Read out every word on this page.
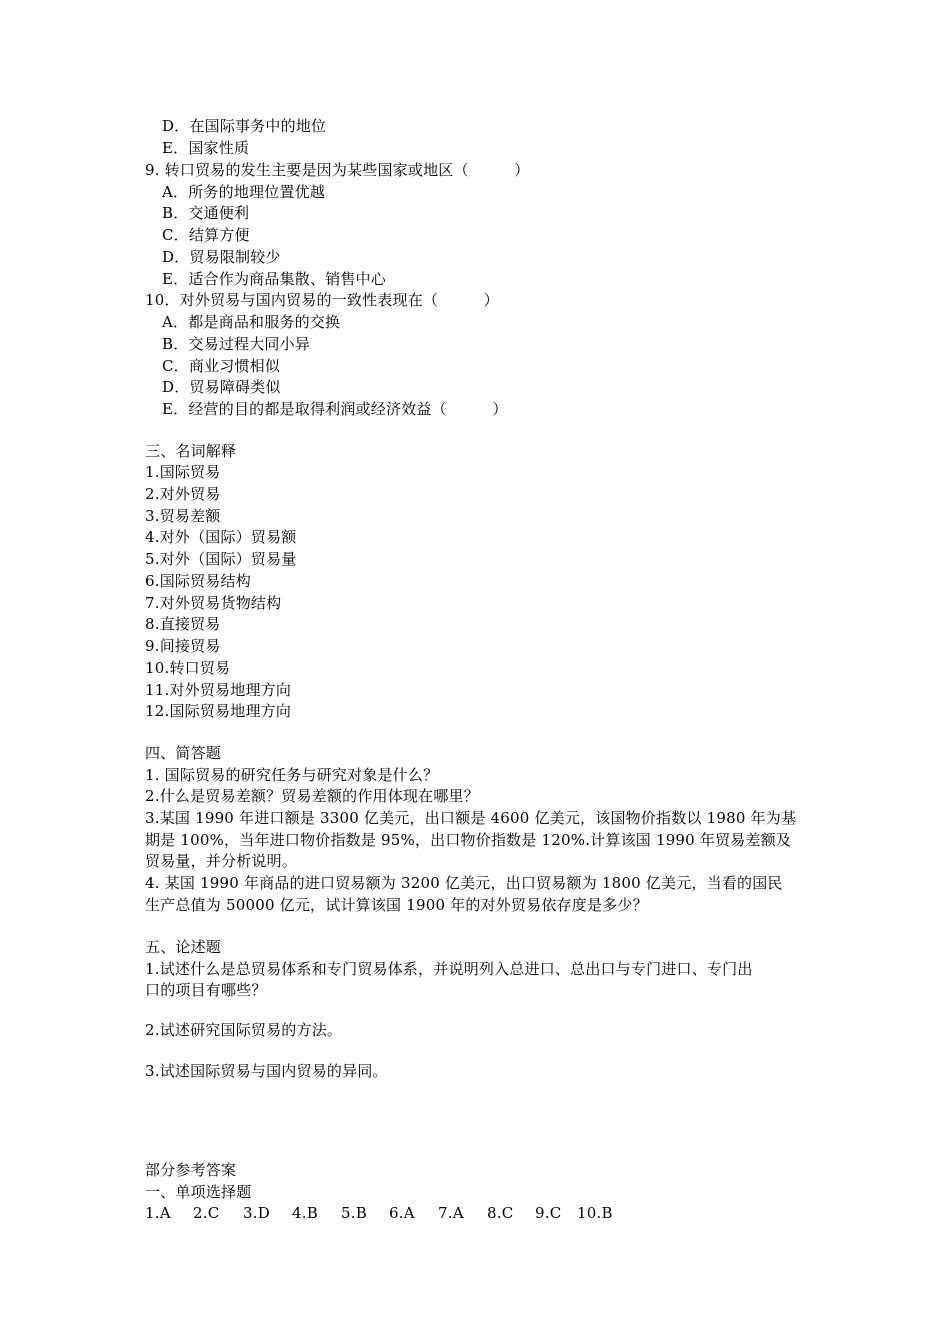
D．在国际事务中的地位
E．国家性质
9. 转口贸易的发生主要是因为某些国家或地区（　　　）
A．所务的地理位置优越
B．交通便利
C．结算方便
D．贸易限制较少
E．适合作为商品集散、销售中心
10．对外贸易与国内贸易的一致性表现在（　　　）
A．都是商品和服务的交换
B．交易过程大同小异
C．商业习惯相似
D．贸易障碍类似
E．经营的目的都是取得利润或经济效益（　　　）
三、名词解释
1.国际贸易
2.对外贸易
3.贸易差额
4.对外（国际）贸易额
5.对外（国际）贸易量
6.国际贸易结构
7.对外贸易货物结构
8.直接贸易
9.间接贸易
10.转口贸易
11.对外贸易地理方向
12.国际贸易地理方向
四、简答题
1. 国际贸易的研究任务与研究对象是什么？
2.什么是贸易差额？贸易差额的作用体现在哪里？
3.某国 1990 年进口额是 3300 亿美元，出口额是 4600 亿美元，该国物价指数以 1980 年为基
期是 100%，当年进口物价指数是 95%，出口物价指数是 120%.计算该国 1990 年贸易差额及
贸易量，并分析说明。
4. 某国 1990 年商品的进口贸易额为 3200 亿美元，出口贸易额为 1800 亿美元，当看的国民
生产总值为 50000 亿元，试计算该国 1900 年的对外贸易依存度是多少？
五、论述题
1.试述什么是总贸易体系和专门贸易体系，并说明列入总进口、总出口与专门进口、专门出
口的项目有哪些？
2.试述研究国际贸易的方法。
3.试述国际贸易与国内贸易的异同。
部分参考答案
一、单项选择题
1.A 2.C 3.D 4.B 5.B 6.A 7.A 8.C 9.C 10.B
